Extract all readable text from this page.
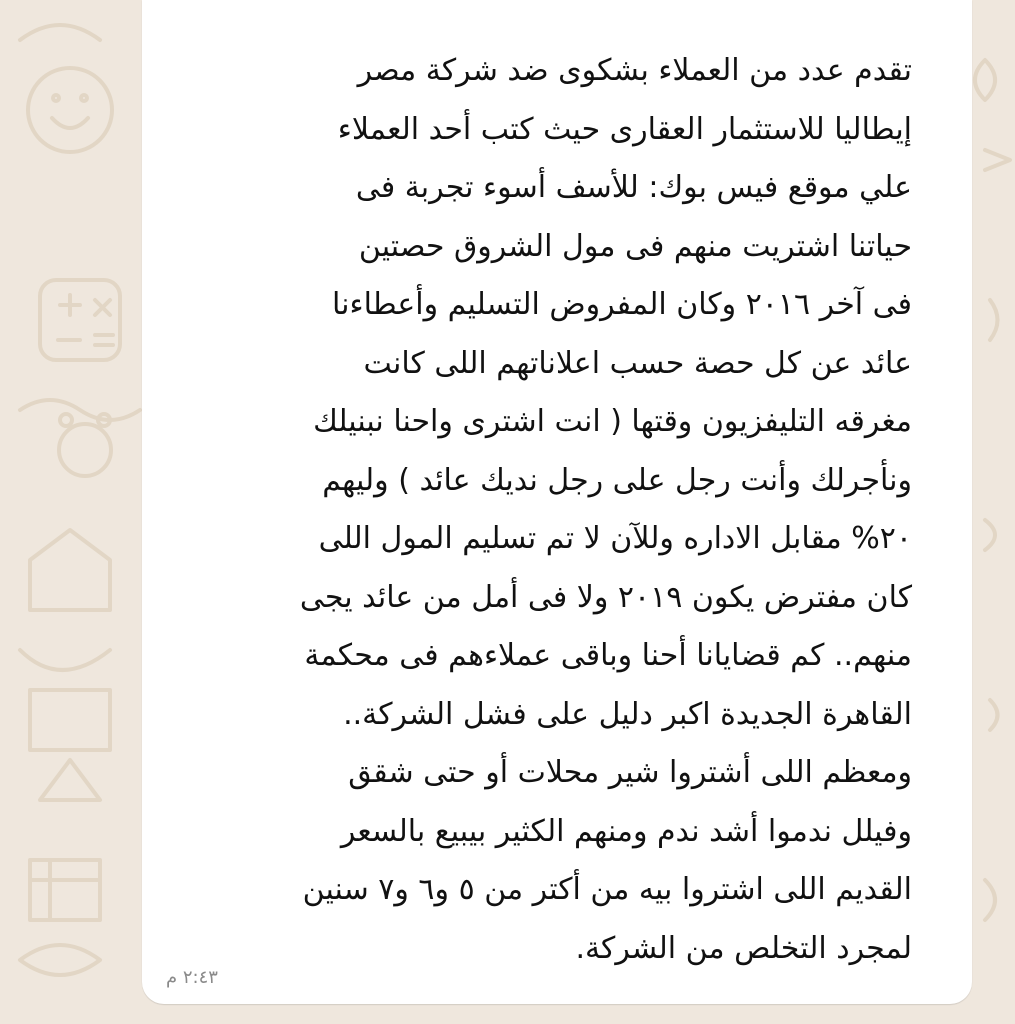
تقدم عدد من العملاء بشكوى ضد شركة مصر
إيطاليا للاستثمار العقارى حيث كتب أحد العملاء
علي موقع فيس بوك: للأسف أسوء تجربة فى
حياتنا اشتريت منهم فى مول الشروق حصتين
فى آخر ٢٠١٦ وكان المفروض التسليم وأعطاءنا
عائد عن كل حصة حسب اعلاناتهم اللى كانت
مغرقه التليفزيون وقتها ( انت اشترى واحنا نبنيلك
ونأجرلك وأنت رجل على رجل نديك عائد ) وليهم
٢٠% مقابل الاداره وللآن لا تم تسليم المول اللى
كان مفترض يكون ٢٠١٩ ولا فى أمل من عائد يجى
منهم.. كم قضايانا أحنا وباقى عملاءهم فى محكمة
القاهرة الجديدة اكبر دليل على فشل الشركة..
ومعظم اللى أشتروا شير محلات أو حتى شقق
وفيلل ندموا أشد ندم ومنهم الكثير بيبيع بالسعر
القديم اللى اشتروا بيه من أكتر من ٥ و٦ و٧ سنين
لمجرد التخلص من الشركة.
٢:٤٣ م
